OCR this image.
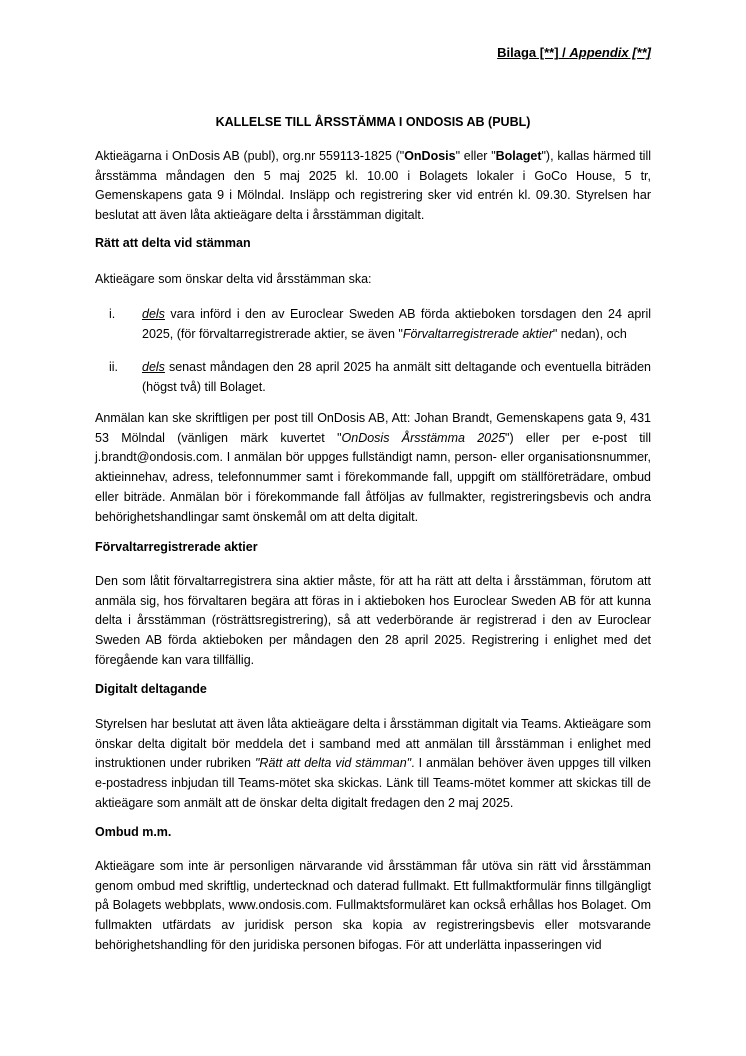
Bilaga [**] / Appendix [**]
KALLELSE TILL ÅRSSTÄMMA I ONDOSIS AB (PUBL)
Aktieägarna i OnDosis AB (publ), org.nr 559113-1825 ("OnDosis" eller "Bolaget"), kallas härmed till årsstämma måndagen den 5 maj 2025 kl. 10.00 i Bolagets lokaler i GoCo House, 5 tr, Gemenskapens gata 9 i Mölndal. Insläpp och registrering sker vid entrén kl. 09.30. Styrelsen har beslutat att även låta aktieägare delta i årsstämman digitalt.
Rätt att delta vid stämman
Aktieägare som önskar delta vid årsstämman ska:
i. dels vara införd i den av Euroclear Sweden AB förda aktieboken torsdagen den 24 april 2025, (för förvaltarregistrerade aktier, se även "Förvaltarregistrerade aktier" nedan), och
ii. dels senast måndagen den 28 april 2025 ha anmält sitt deltagande och eventuella biträden (högst två) till Bolaget.
Anmälan kan ske skriftligen per post till OnDosis AB, Att: Johan Brandt, Gemenskapens gata 9, 431 53 Mölndal (vänligen märk kuvertet "OnDosis Årsstämma 2025") eller per e-post till j.brandt@ondosis.com. I anmälan bör uppges fullständigt namn, person- eller organisationsnummer, aktieinnehav, adress, telefonnummer samt i förekommande fall, uppgift om ställföreträdare, ombud eller biträde. Anmälan bör i förekommande fall åtföljas av fullmakter, registreringsbevis och andra behörighetshandlingar samt önskemål om att delta digitalt.
Förvaltarregistrerade aktier
Den som låtit förvaltarregistrera sina aktier måste, för att ha rätt att delta i årsstämman, förutom att anmäla sig, hos förvaltaren begära att föras in i aktieboken hos Euroclear Sweden AB för att kunna delta i årsstämman (rösträttsregistrering), så att vederbörande är registrerad i den av Euroclear Sweden AB förda aktieboken per måndagen den 28 april 2025. Registrering i enlighet med det föregående kan vara tillfällig.
Digitalt deltagande
Styrelsen har beslutat att även låta aktieägare delta i årsstämman digitalt via Teams. Aktieägare som önskar delta digitalt bör meddela det i samband med att anmälan till årsstämman i enlighet med instruktionen under rubriken "Rätt att delta vid stämman". I anmälan behöver även uppges till vilken e-postadress inbjudan till Teams-mötet ska skickas. Länk till Teams-mötet kommer att skickas till de aktieägare som anmält att de önskar delta digitalt fredagen den 2 maj 2025.
Ombud m.m.
Aktieägare som inte är personligen närvarande vid årsstämman får utöva sin rätt vid årsstämman genom ombud med skriftlig, undertecknad och daterad fullmakt. Ett fullmaktformulär finns tillgängligt på Bolagets webbplats, www.ondosis.com. Fullmaktsformuläret kan också erhållas hos Bolaget. Om fullmakten utfärdats av juridisk person ska kopia av registreringsbevis eller motsvarande behörighetshandling för den juridiska personen bifogas. För att underlätta inpasseringen vid
